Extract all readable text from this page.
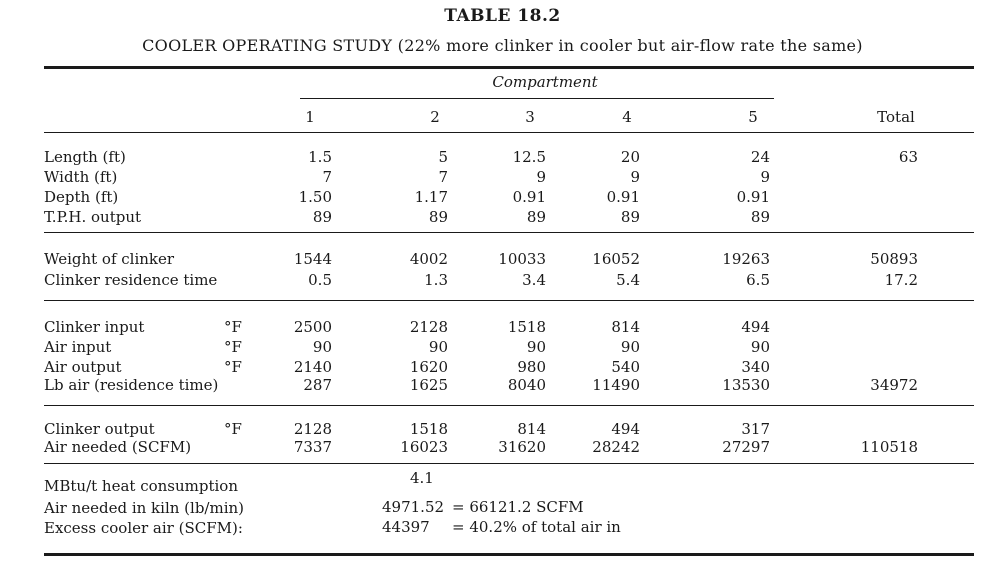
TABLE 18.2
COOLER OPERATING STUDY (22% more clinker in cooler but air-flow rate the same)
Compartment
1	2	3	4	5	Total
Length (ft)	1.5	5	12.5	20	24	63
Width (ft)	7	7	9	9	9
Depth (ft)	1.50	1.17	0.91	0.91	0.91
T.P.H. output	89	89	89	89	89
Weight of clinker	1544	4002	10033	16052	19263	50893
Clinker residence time	0.5	1.3	3.4	5.4	6.5	17.2
Clinker input	°F	2500	2128	1518	814	494
Air input	°F	90	90	90	90	90
Air output	°F	2140	1620	980	540	340
Lb air (residence time)	287	1625	8040	11490	13530	34972
Clinker output	°F	2128	1518	814	494	317
Air needed (SCFM)	7337	16023	31620	28242	27297	110518
MBtu/t heat consumption	4.1
Air needed in kiln (lb/min)	4971.52 = 66121.2 SCFM
Excess cooler air (SCFM):	44397 = 40.2% of total air in
